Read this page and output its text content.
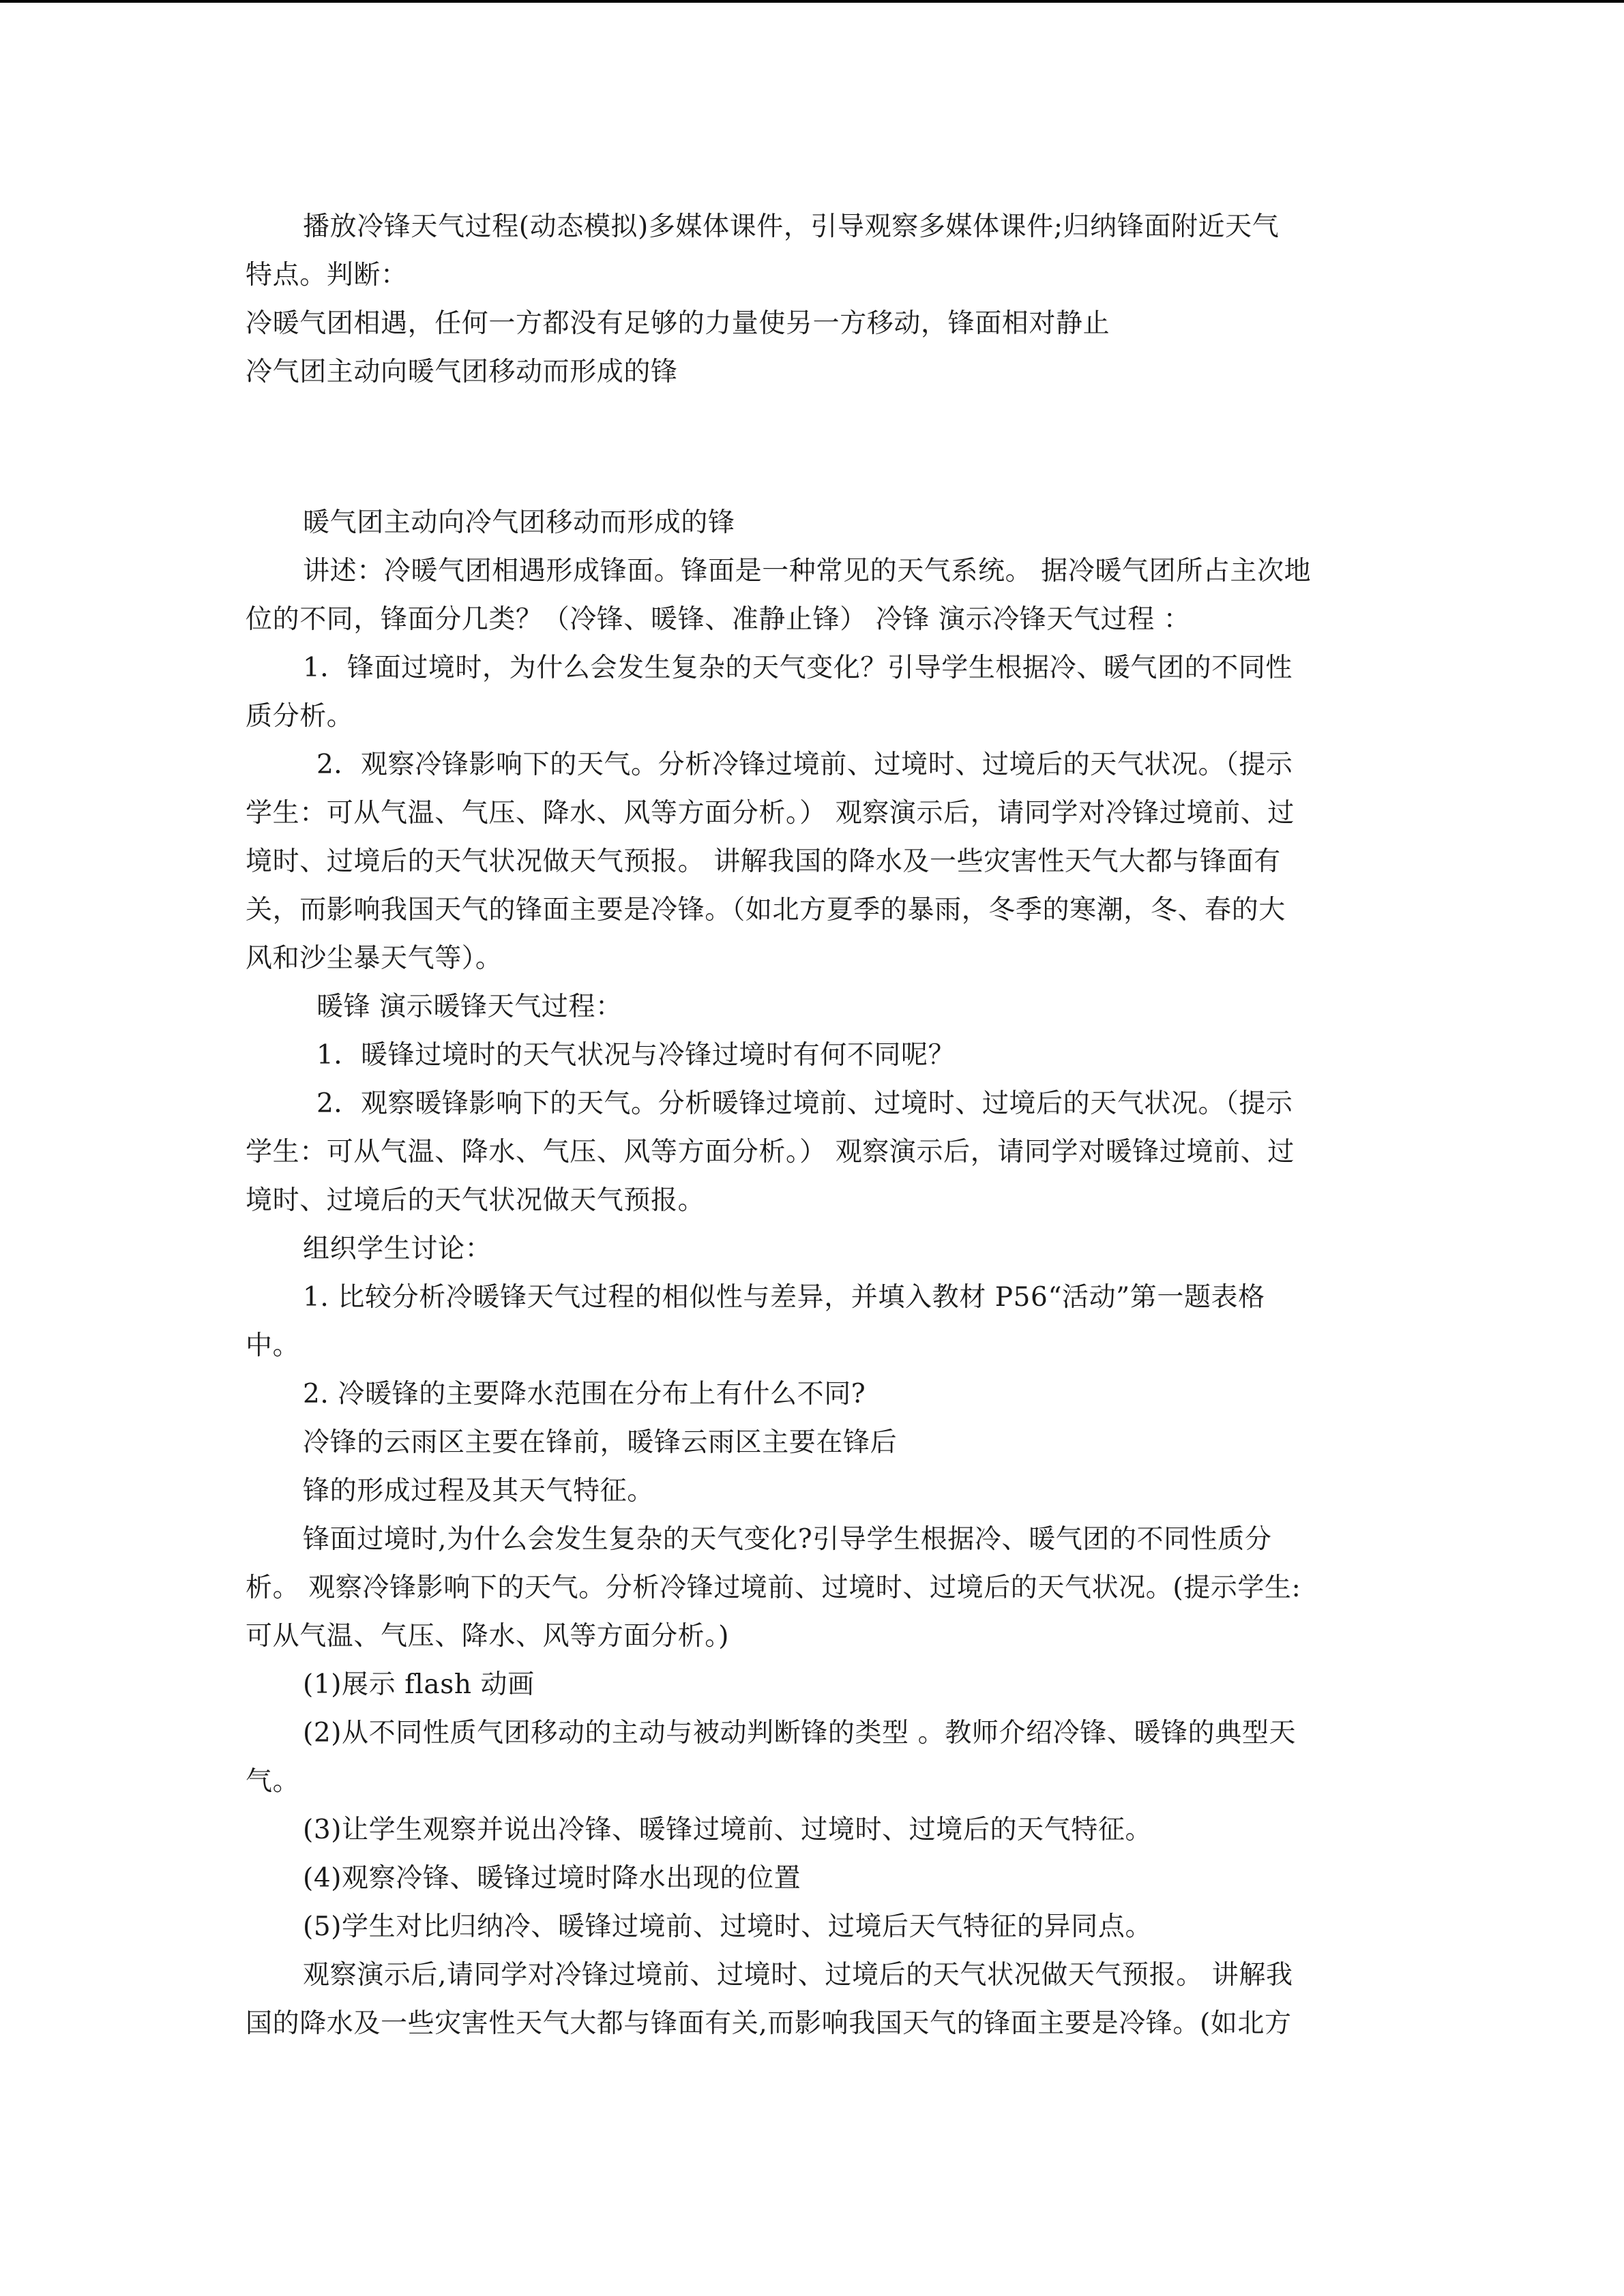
播放冷锋天气过程(动态模拟)多媒体课件，引导观察多媒体课件;归纳锋面附近天气
特点。判断：
冷暖气团相遇，任何一方都没有足够的力量使另一方移动，锋面相对静止
冷气团主动向暖气团移动而形成的锋
暖气团主动向冷气团移动而形成的锋
讲述：冷暖气团相遇形成锋面。锋面是一种常见的天气系统。 据冷暖气团所占主次地
位的不同，锋面分几类？（冷锋、暖锋、准静止锋） 冷锋 演示冷锋天气过程 ：
1．锋面过境时，为什么会发生复杂的天气变化？引导学生根据冷、暖气团的不同性
质分析。
2．观察冷锋影响下的天气。分析冷锋过境前、过境时、过境后的天气状况。（提示
学生：可从气温、气压、降水、风等方面分析。） 观察演示后，请同学对冷锋过境前、过
境时、过境后的天气状况做天气预报。 讲解我国的降水及一些灾害性天气大都与锋面有
关，而影响我国天气的锋面主要是冷锋。（如北方夏季的暴雨，冬季的寒潮，冬、春的大
风和沙尘暴天气等）。
暖锋 演示暖锋天气过程：
1．暖锋过境时的天气状况与冷锋过境时有何不同呢？
2．观察暖锋影响下的天气。分析暖锋过境前、过境时、过境后的天气状况。（提示
学生：可从气温、降水、气压、风等方面分析。） 观察演示后，请同学对暖锋过境前、过
境时、过境后的天气状况做天气预报。
组织学生讨论：
1. 比较分析冷暖锋天气过程的相似性与差异，并填入教材 P56“活动”第一题表格
中。
2. 冷暖锋的主要降水范围在分布上有什么不同?
冷锋的云雨区主要在锋前，暖锋云雨区主要在锋后
锋的形成过程及其天气特征。
锋面过境时,为什么会发生复杂的天气变化?引导学生根据冷、暖气团的不同性质分
析。 观察冷锋影响下的天气。分析冷锋过境前、过境时、过境后的天气状况。(提示学生:
可从气温、气压、降水、风等方面分析。)
(1)展示 flash 动画
(2)从不同性质气团移动的主动与被动判断锋的类型 。教师介绍冷锋、暖锋的典型天
气。
(3)让学生观察并说出冷锋、暖锋过境前、过境时、过境后的天气特征。
(4)观察冷锋、暖锋过境时降水出现的位置
(5)学生对比归纳冷、暖锋过境前、过境时、过境后天气特征的异同点。
观察演示后,请同学对冷锋过境前、过境时、过境后的天气状况做天气预报。 讲解我
国的降水及一些灾害性天气大都与锋面有关,而影响我国天气的锋面主要是冷锋。(如北方
